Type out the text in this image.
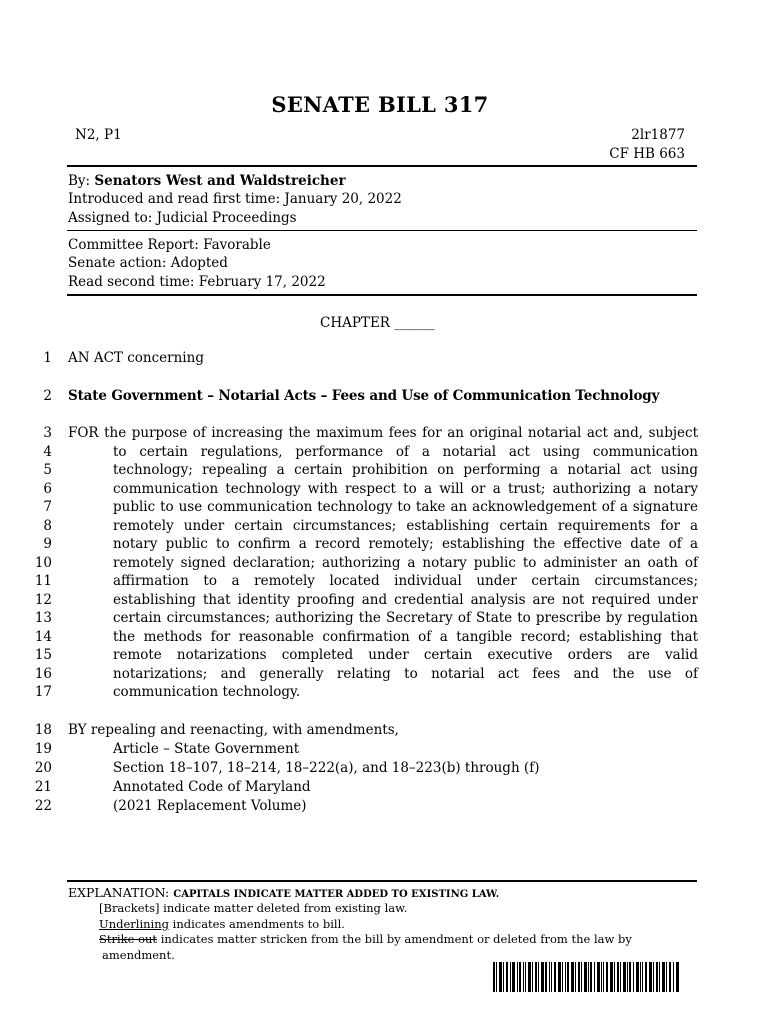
SENATE BILL 317
N2, P1	2lr1877
CF HB 663
By: Senators West and Waldstreicher
Introduced and read first time: January 20, 2022
Assigned to: Judicial Proceedings
Committee Report: Favorable
Senate action: Adopted
Read second time: February 17, 2022
CHAPTER ______
1 AN ACT concerning
2 State Government – Notarial Acts – Fees and Use of Communication Technology
3 FOR the purpose of increasing the maximum fees for an original notarial act and, subject
4	to certain regulations, performance of a notarial act using communication
5	technology; repealing a certain prohibition on performing a notarial act using
6	communication technology with respect to a will or a trust; authorizing a notary
7	public to use communication technology to take an acknowledgement of a signature
8	remotely under certain circumstances; establishing certain requirements for a
9	notary public to confirm a record remotely; establishing the effective date of a
10	remotely signed declaration; authorizing a notary public to administer an oath of
11	affirmation to a remotely located individual under certain circumstances;
12	establishing that identity proofing and credential analysis are not required under
13	certain circumstances; authorizing the Secretary of State to prescribe by regulation
14	the methods for reasonable confirmation of a tangible record; establishing that
15	remote notarizations completed under certain executive orders are valid
16	notarizations; and generally relating to notarial act fees and the use of
17	communication technology.
18 BY repealing and reenacting, with amendments,
19	Article – State Government
20	Section 18–107, 18–214, 18–222(a), and 18–223(b) through (f)
21	Annotated Code of Maryland
22	(2021 Replacement Volume)
EXPLANATION: CAPITALS INDICATE MATTER ADDED TO EXISTING LAW.
[Brackets] indicate matter deleted from existing law.
Underlining indicates amendments to bill.
Strike out indicates matter stricken from the bill by amendment or deleted from the law by
amendment.
